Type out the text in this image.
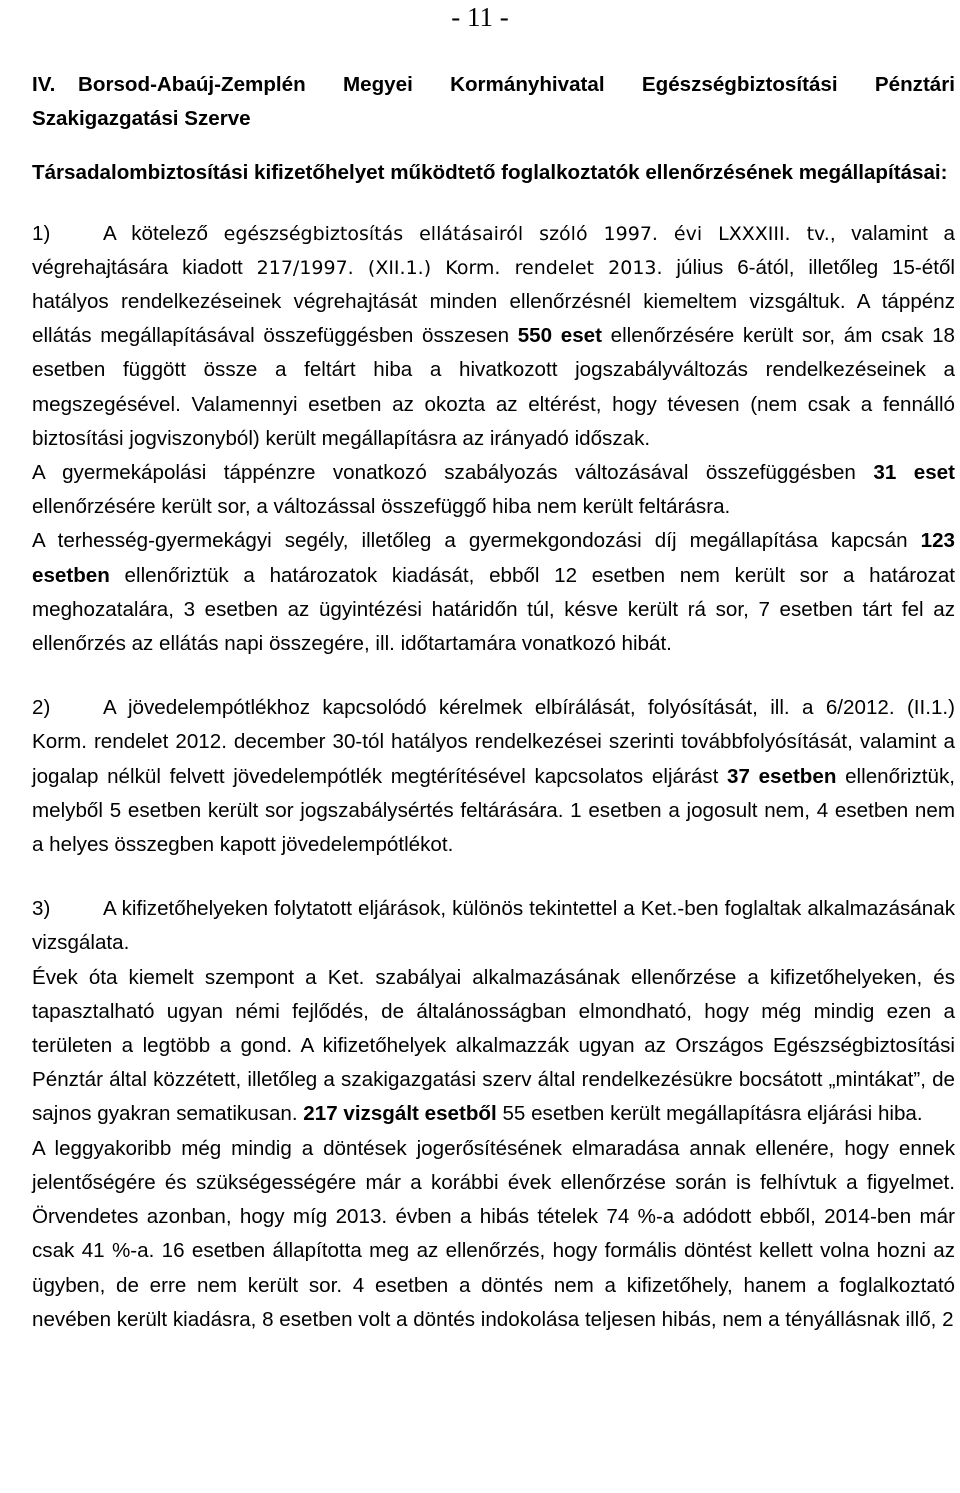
- 11 -

IV. Borsod-Abaúj-Zemplén Megyei Kormányhivatal Egészségbiztosítási Pénztári Szakigazgatási Szerve

Társadalombiztosítási kifizetőhelyet működtető foglalkoztatók ellenőrzésének megállapításai:

1)	A kötelező egészségbiztosítás ellátásairól szóló 1997. évi LXXXIII. tv., valamint a végrehajtására kiadott 217/1997. (XII.1.) Korm. rendelet 2013. július 6-ától, illetőleg 15-étől hatályos rendelkezéseinek végrehajtását minden ellenőrzésnél kiemeltem vizsgáltuk. A táppénz ellátás megállapításával összefüggésben összesen 550 eset ellenőrzésére került sor, ám csak 18 esetben függött össze a feltárt hiba a hivatkozott jogszabályváltozás rendelkezéseinek a megszegésével. Valamennyi esetben az okozta az eltérést, hogy tévesen (nem csak a fennálló biztosítási jogviszonyból) került megállapításra az irányadó időszak.

A gyermekápolási táppénzre vonatkozó szabályozás változásával összefüggésben 31 eset ellenőrzésére került sor, a változással összefüggő hiba nem került feltárásra.

A terhesség-gyermekágyi segély, illetőleg a gyermekgondozási díj megállapítása kapcsán 123 esetben ellenőriztük a határozatok kiadását, ebből 12 esetben nem került sor a határozat meghozatalára, 3 esetben az ügyintézési határidőn túl, késve került rá sor, 7 esetben tárt fel az ellenőrzés az ellátás napi összegére, ill. időtartamára vonatkozó hibát.

2)	A jövedelempótlékhoz kapcsolódó kérelmek elbírálását, folyósítását, ill. a 6/2012. (II.1.) Korm. rendelet 2012. december 30-tól hatályos rendelkezései szerinti továbbfolyósítását, valamint a jogalap nélkül felvett jövedelempótlék megtérítésével kapcsolatos eljárást 37 esetben ellenőriztük, melyből 5 esetben került sor jogszabálysértés feltárására. 1 esetben a jogosult nem, 4 esetben nem a helyes összegben kapott jövedelempótlékot.

3)	A kifizetőhelyeken folytatott eljárások, különös tekintettel a Ket.-ben foglaltak alkalmazásának vizsgálata.

Évek óta kiemelt szempont a Ket. szabályai alkalmazásának ellenőrzése a kifizetőhelyeken, és tapasztalható ugyan némi fejlődés, de általánosságban elmondható, hogy még mindig ezen a területen a legtöbb a gond. A kifizetőhelyek alkalmazzák ugyan az Országos Egészségbiztosítási Pénztár által közzétett, illetőleg a szakigazgatási szerv által rendelkezésükre bocsátott „mintákat”, de sajnos gyakran sematikusan. 217 vizsgált esetből 55 esetben került megállapításra eljárási hiba.

A leggyakoribb még mindig a döntések jogerősítésének elmaradása annak ellenére, hogy ennek jelentőségére és szükségességére már a korábbi évek ellenőrzése során is felhívtuk a figyelmet. Örvendetes azonban, hogy míg 2013. évben a hibás tételek 74 %-a adódott ebből, 2014-ben már csak 41 %-a. 16 esetben állapította meg az ellenőrzés, hogy formális döntést kellett volna hozni az ügyben, de erre nem került sor. 4 esetben a döntés nem a kifizetőhely, hanem a foglalkoztató nevében került kiadásra, 8 esetben volt a döntés indokolása teljesen hibás, nem a tényállásnak illő, 2
